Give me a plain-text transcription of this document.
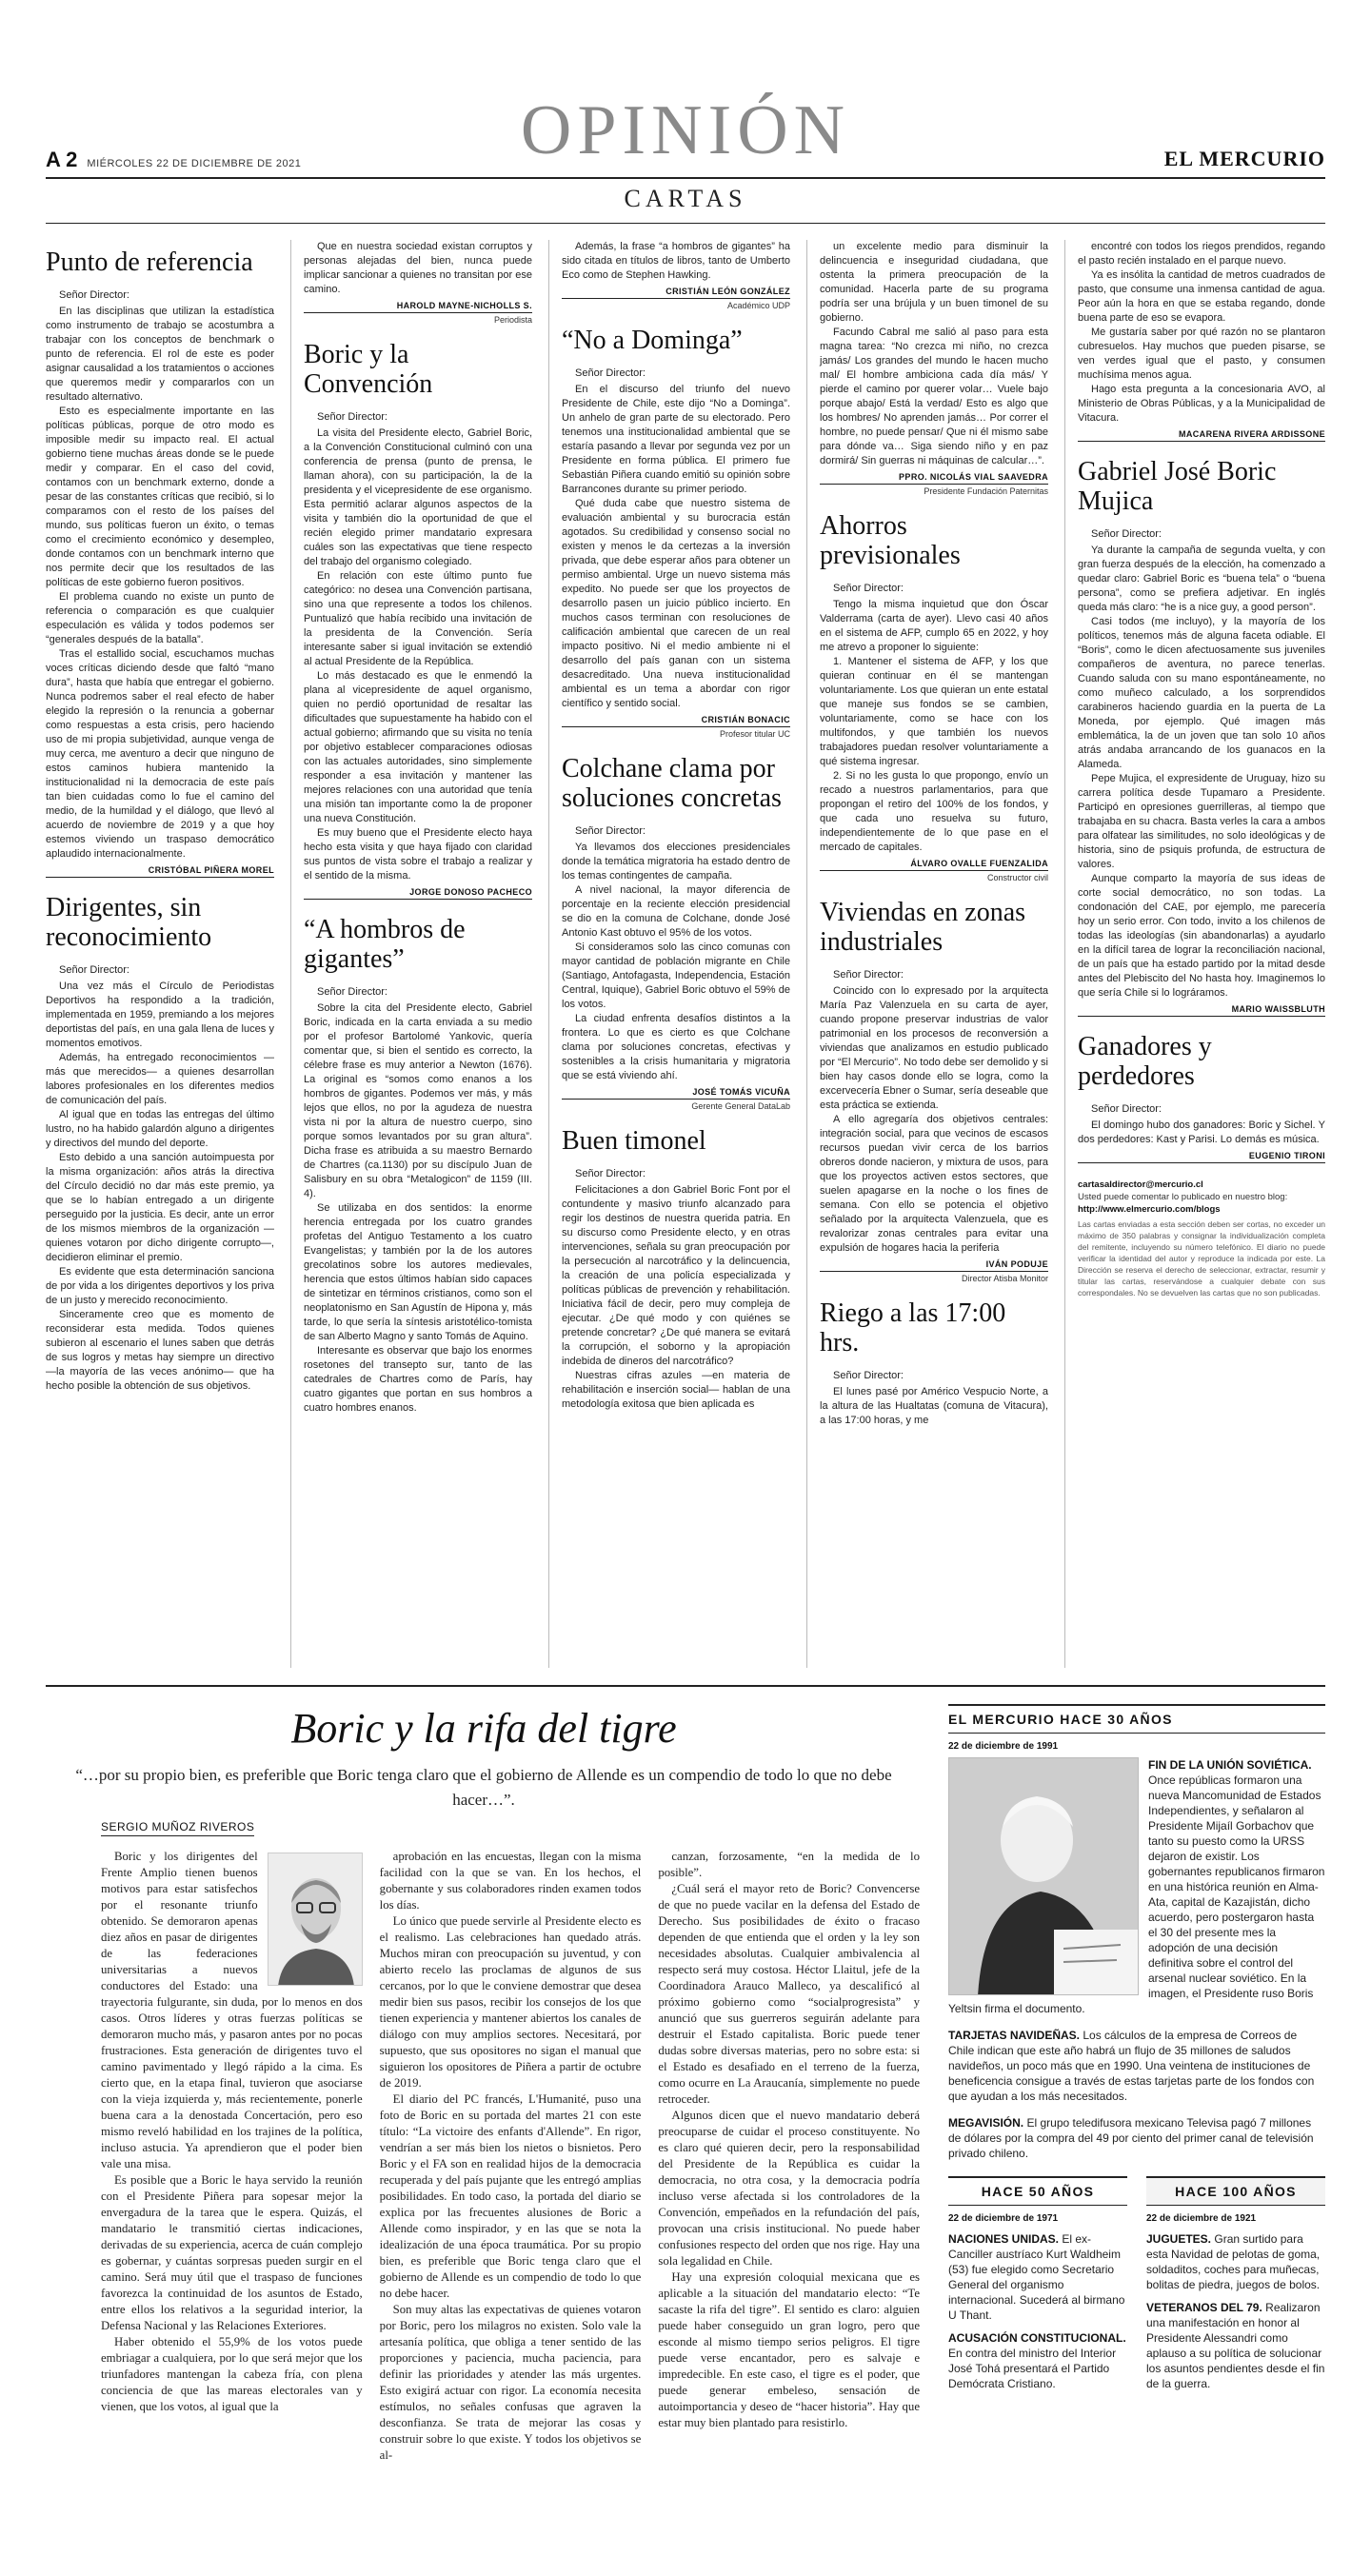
OPINIÓN
A 2 MIÉRCOLES 22 DE DICIEMBRE DE 2021	EL MERCURIO
CARTAS
Punto de referencia
Señor Director:

En las disciplinas que utilizan la estadística como instrumento de trabajo se acostumbra a trabajar con los conceptos de benchmark o punto de referencia. El rol de este es poder asignar causalidad a los tratamientos o acciones que queremos medir y compararlos con un resultado alternativo.

Esto es especialmente importante en las políticas públicas, porque de otro modo es imposible medir su impacto real. El actual gobierno tiene muchas áreas donde se le puede medir y comparar. En el caso del covid, contamos con un benchmark externo, donde a pesar de las constantes críticas que recibió, si lo comparamos con el resto de los países del mundo, sus políticas fueron un éxito, o temas como el crecimiento económico y desempleo, donde contamos con un benchmark interno que nos permite decir que los resultados de las políticas de este gobierno fueron positivos.

El problema cuando no existe un punto de referencia o comparación es que cualquier especulación es válida y todos podemos ser “generales después de la batalla”.

Tras el estallido social, escuchamos muchas voces críticas diciendo desde que faltó “mano dura”, hasta que había que entregar el gobierno. Nunca podremos saber el real efecto de haber elegido la represión o la renuncia a gobernar como respuestas a esta crisis, pero haciendo uso de mi propia subjetividad, aunque venga de muy cerca, me aventuro a decir que ninguno de estos caminos hubiera mantenido la institucionalidad ni la democracia de este país tan bien cuidadas como lo fue el camino del medio, de la humildad y el diálogo, que llevó al acuerdo de noviembre de 2019 y a que hoy estemos viviendo un traspaso democrático aplaudido internacionalmente.

CRISTÓBAL PIÑERA MOREL
Dirigentes, sin reconocimiento
Señor Director:

Una vez más el Círculo de Periodistas Deportivos ha respondido a la tradición, implementada en 1959, premiando a los mejores deportistas del país, en una gala llena de luces y momentos emotivos.

Además, ha entregado reconocimientos —más que merecidos— a quienes desarrollan labores profesionales en los diferentes medios de comunicación del país.

Al igual que en todas las entregas del último lustro, no ha habido galardón alguno a dirigentes y directivos del mundo del deporte.

Esto debido a una sanción autoimpuesta por la misma organización: años atrás la directiva del Círculo decidió no dar más este premio, ya que se lo habían entregado a un dirigente perseguido por la justicia. Es decir, ante un error de los mismos miembros de la organización —quienes votaron por dicho dirigente corrupto—, decidieron eliminar el premio.

Es evidente que esta determinación sanciona de por vida a los dirigentes deportivos y los priva de un justo y merecido reconocimiento.

Sinceramente creo que es momento de reconsiderar esta medida. Todos quienes subieron al escenario el lunes saben que detrás de sus logros y metas hay siempre un directivo —la mayoría de las veces anónimo— que ha hecho posible la obtención de sus objetivos.

Que en nuestra sociedad existan corruptos y personas alejadas del bien, nunca puede implicar sancionar a quienes no transitan por ese camino.

HAROLD MAYNE-NICHOLLS S.
Periodista
Boric y la Convención
Señor Director:

La visita del Presidente electo, Gabriel Boric, a la Convención Constitucional culminó con una conferencia de prensa (punto de prensa, le llaman ahora), con su participación, la de la presidenta y el vicepresidente de ese organismo. Esta permitió aclarar algunos aspectos de la visita y también dio la oportunidad de que el recién elegido primer mandatario expresara cuáles son las expectativas que tiene respecto del trabajo del organismo colegiado.

En relación con este último punto fue categórico: no desea una Convención partisana, sino una que represente a todos los chilenos. Puntualizó que había recibido una invitación de la presidenta de la Convención. Sería interesante saber si igual invitación se extendió al actual Presidente de la República.

Lo más destacado es que le enmendó la plana al vicepresidente de aquel organismo, quien no perdió oportunidad de resaltar las dificultades que supuestamente ha habido con el actual gobierno; afirmando que su visita no tenía por objetivo establecer comparaciones odiosas con las actuales autoridades, sino simplemente responder a esa invitación y mantener las mejores relaciones con una autoridad que tenía una misión tan importante como la de proponer una nueva Constitución.

Es muy bueno que el Presidente electo haya hecho esta visita y que haya fijado con claridad sus puntos de vista sobre el trabajo a realizar y el sentido de la misma.

JORGE DONOSO PACHECO
“A hombros de gigantes”
Señor Director:

Sobre la cita del Presidente electo, Gabriel Boric, indicada en la carta enviada a su medio por el profesor Bartolomé Yankovic, quería comentar que, si bien el sentido es correcto, la célebre frase es muy anterior a Newton (1676). La original es “somos como enanos a los hombros de gigantes. Podemos ver más, y más lejos que ellos, no por la agudeza de nuestra vista ni por la altura de nuestro cuerpo, sino porque somos levantados por su gran altura”. Dicha frase es atribuida a su maestro Bernardo de Chartres (ca.1130) por su discípulo Juan de Salisbury en su obra “Metalogicon” de 1159 (III. 4).

Se utilizaba en dos sentidos: la enorme herencia entregada por los cuatro grandes profetas del Antiguo Testamento a los cuatro Evangelistas; y también por la de los autores grecolatinos sobre los autores medievales, herencia que estos últimos habían sido capaces de sintetizar en términos cristianos, como son el neoplatonismo en San Agustín de Hipona y, más tarde, lo que sería la síntesis aristotélico-tomista de san Alberto Magno y santo Tomás de Aquino.

Interesante es observar que bajo los enormes rosetones del transepto sur, tanto de las catedrales de Chartres como de París, hay cuatro gigantes que portan en sus hombros a cuatro hombres enanos.

Además, la frase “a hombros de gigantes” ha sido citada en títulos de libros, tanto de Umberto Eco como de Stephen Hawking.

CRISTIÁN LEÓN GONZÁLEZ
Académico UDP
“No a Dominga”
Señor Director:

En el discurso del triunfo del nuevo Presidente de Chile, este dijo “No a Dominga”. Un anhelo de gran parte de su electorado. Pero tenemos una institucionalidad ambiental que se estaría pasando a llevar por segunda vez por un Presidente en forma pública. El primero fue Sebastián Piñera cuando emitió su opinión sobre Barrancones durante su primer periodo.

Qué duda cabe que nuestro sistema de evaluación ambiental y su burocracia están agotados. Su credibilidad y consenso social no existen y menos le da certezas a la inversión privada, que debe esperar años para obtener un permiso ambiental. Urge un nuevo sistema más expedito. No puede ser que los proyectos de desarrollo pasen un juicio público incierto. En muchos casos terminan con resoluciones de calificación ambiental que carecen de un real impacto positivo. Ni el medio ambiente ni el desarrollo del país ganan con un sistema desacreditado. Una nueva institucionalidad ambiental es un tema a abordar con rigor científico y sentido social.

CRISTIÁN BONACIC
Profesor titular UC
Colchane clama por soluciones concretas
Señor Director:

Ya llevamos dos elecciones presidenciales donde la temática migratoria ha estado dentro de los temas contingentes de campaña.

A nivel nacional, la mayor diferencia de porcentaje en la reciente elección presidencial se dio en la comuna de Colchane, donde José Antonio Kast obtuvo el 95% de los votos.

Si consideramos solo las cinco comunas con mayor cantidad de población migrante en Chile (Santiago, Antofagasta, Independencia, Estación Central, Iquique), Gabriel Boric obtuvo el 59% de los votos.

La ciudad enfrenta desafíos distintos a la frontera. Lo que es cierto es que Colchane clama por soluciones concretas, efectivas y sostenibles a la crisis humanitaria y migratoria que se está viviendo ahí.

JOSÉ TOMÁS VICUÑA
Gerente General DataLab
Buen timonel
Señor Director:

Felicitaciones a don Gabriel Boric Font por el contundente y masivo triunfo alcanzado para regir los destinos de nuestra querida patria. En su discurso como Presidente electo, y en otras intervenciones, señala su gran preocupación por la persecución al narcotráfico y la delincuencia, la creación de una policía especializada y políticas públicas de prevención y rehabilitación. Iniciativa fácil de decir, pero muy compleja de ejecutar. ¿De qué modo y con quiénes se pretende concretar? ¿De qué manera se evitará la corrupción, el soborno y la apropiación indebida de dineros del narcotráfico?

Nuestras cifras azules —en materia de rehabilitación e inserción social— hablan de una metodología exitosa que bien aplicada es

un excelente medio para disminuir la delincuencia e inseguridad ciudadana, que ostenta la primera preocupación de la comunidad. Hacerla parte de su programa podría ser una brújula y un buen timonel de su gobierno.

Facundo Cabral me salió al paso para esta magna tarea: “No crezca mi niño, no crezca jamás/ Los grandes del mundo le hacen mucho mal/ El hombre ambiciona cada día más/ Y pierde el camino por querer volar… Vuele bajo porque abajo/ Está la verdad/ Esto es algo que los hombres/ No aprenden jamás… Por correr el hombre, no puede pensar/ Que ni él mismo sabe para dónde va… Siga siendo niño y en paz dormirá/ Sin guerras ni máquinas de calcular…”.

PPRO. NICOLÁS VIAL SAAVEDRA
Presidente Fundación Paternitas
Ahorros previsionales
Señor Director:

Tengo la misma inquietud que don Óscar Valderrama (carta de ayer). Llevo casi 40 años en el sistema de AFP, cumplo 65 en 2022, y hoy me atrevo a proponer lo siguiente:

1. Mantener el sistema de AFP, y los que quieran continuar en él se mantengan voluntariamente. Los que quieran un ente estatal que maneje sus fondos se se cambien, voluntariamente, como se hace con los multifondos, y que también los nuevos trabajadores puedan resolver voluntariamente a qué sistema ingresar.

2. Si no les gusta lo que propongo, envío un recado a nuestros parlamentarios, para que propongan el retiro del 100% de los fondos, y que cada uno resuelva su futuro, independientemente de lo que pase en el mercado de capitales.

ÁLVARO OVALLE FUENZALIDA
Constructor civil
Viviendas en zonas industriales
Señor Director:

Coincido con lo expresado por la arquitecta María Paz Valenzuela en su carta de ayer, cuando propone preservar industrias de valor patrimonial en los procesos de reconversión a viviendas que analizamos en estudio publicado por “El Mercurio”. No todo debe ser demolido y si bien hay casos donde ello se logra, como la excervecería Ebner o Sumar, sería deseable que esta práctica se extienda.

A ello agregaría dos objetivos centrales: integración social, para que vecinos de escasos recursos puedan vivir cerca de los barrios obreros donde nacieron, y mixtura de usos, para que los proyectos activen estos sectores, que suelen apagarse en la noche o los fines de semana. Con ello se potencia el objetivo señalado por la arquitecta Valenzuela, que es revalorizar zonas centrales para evitar una expulsión de hogares hacia la periferia

IVÁN PODUJE
Director Atisba Monitor
Riego a las 17:00 hrs.
Señor Director:

El lunes pasé por Américo Vespucio Norte, a la altura de las Hualtatas (comuna de Vitacura), a las 17:00 horas, y me

encontré con todos los riegos prendidos, regando el pasto recién instalado en el parque nuevo.

Ya es insólita la cantidad de metros cuadrados de pasto, que consume una inmensa cantidad de agua. Peor aún la hora en que se estaba regando, donde buena parte de eso se evapora.

Me gustaría saber por qué razón no se plantaron cubresuelos. Hay muchos que pueden pisarse, se ven verdes igual que el pasto, y consumen muchísima menos agua.

Hago esta pregunta a la concesionaria AVO, al Ministerio de Obras Públicas, y a la Municipalidad de Vitacura.

MACARENA RIVERA ARDISSONE
Gabriel José Boric Mujica
Señor Director:

Ya durante la campaña de segunda vuelta, y con gran fuerza después de la elección, ha comenzado a quedar claro: Gabriel Boric es “buena tela” o “buena persona”, como se prefiera adjetivar. En inglés queda más claro: “he is a nice guy, a good person”.

Casi todos (me incluyo), y la mayoría de los políticos, tenemos más de alguna faceta odiable. El “Boris”, como le dicen afectuosamente sus juveniles compañeros de aventura, no parece tenerlas. Cuando saluda con su mano espontáneamente, no como muñeco calculado, a los sorprendidos carabineros haciendo guardia en la puerta de La Moneda, por ejemplo. Qué imagen más emblemática, la de un joven que tan solo 10 años atrás andaba arrancando de los guanacos en la Alameda.

Pepe Mujica, el expresidente de Uruguay, hizo su carrera política desde Tupamaro a Presidente. Participó en opresiones guerrilleras, al tiempo que trabajaba en su chacra. Basta verles la cara a ambos para olfatear las similitudes, no solo ideológicas y de historia, sino de psiquis profunda, de estructura de valores.

Aunque comparto la mayoría de sus ideas de corte social democrático, no son todas. La condonación del CAE, por ejemplo, me parecería hoy un serio error. Con todo, invito a los chilenos de todas las ideologías (sin abandonarlas) a ayudarlo en la difícil tarea de lograr la reconciliación nacional, de un país que ha estado partido por la mitad desde antes del Plebiscito del No hasta hoy. Imaginemos lo que sería Chile si lo lográramos.

MARIO WAISSBLUTH
Ganadores y perdedores
Señor Director:

El domingo hubo dos ganadores: Boric y Sichel. Y dos perdedores: Kast y Parisi. Lo demás es música.

EUGENIO TIRONI
cartasaldirector@mercurio.cl
Usted puede comentar lo publicado en nuestro blog:
http://www.elmercurio.com/blogs
Las cartas enviadas a esta sección deben ser cortas, no exceder un máximo de 350 palabras y consignar la individualización completa del remitente, incluyendo su número telefónico. El diario no puede verificar la identidad del autor y reproduce la indicada por este. La Dirección se reserva el derecho de seleccionar, extractar, resumir y titular las cartas, reservándose a cualquier debate con sus correspondales. No se devuelven las cartas que no son publicadas.
Boric y la rifa del tigre
“…por su propio bien, es preferible que Boric tenga claro que el gobierno de Allende es un compendio de todo lo que no debe hacer…”.
SERGIO MUÑOZ RIVEROS

Boric y los dirigentes del Frente Amplio tienen buenos motivos para estar satisfechos por el resonante triunfo obtenido. Se demoraron apenas diez años en pasar de dirigentes de las federaciones universitarias a nuevos conductores del Estado: una trayectoria fulgurante, sin duda, por lo menos en dos casos. Otros líderes y otras fuerzas políticas se demoraron mucho más, y pasaron antes por no pocas frustraciones. Esta generación de dirigentes tuvo el camino pavimentado y llegó rápido a la cima. Es cierto que, en la etapa final, tuvieron que asociarse con la vieja izquierda y, más recientemente, ponerle buena cara a la denostada Concertación, pero eso mismo reveló habilidad en los trajines de la política, incluso astucia. Ya aprendieron que el poder bien vale una misa.

Es posible que a Boric le haya servido la reunión con el Presidente Piñera para sopesar mejor la envergadura de la tarea que le espera. Quizás, el mandatario le transmitió ciertas indicaciones, derivadas de su experiencia, acerca de cuán complejo es gobernar, y cuántas sorpresas pueden surgir en el camino. Será muy útil que el traspaso de funciones favorezca la continuidad de los asuntos de Estado, entre ellos los relativos a la seguridad interior, la Defensa Nacional y las Relaciones Exteriores.

Haber obtenido el 55,9% de los votos puede embriagar a cualquiera, por lo que será mejor que los triunfadores mantengan la cabeza fría, con plena conciencia de que las mareas electorales van y vienen, que los votos, al igual que la

aprobación en las encuestas, llegan con la misma facilidad con la que se van. En los hechos, el gobernante y sus colaboradores rinden examen todos los días.

Lo único que puede servirle al Presidente electo es el realismo. Las celebraciones han quedado atrás. Muchos miran con preocupación su juventud, y con abierto recelo las proclamas de algunos de sus cercanos, por lo que le conviene demostrar que desea medir bien sus pasos, recibir los consejos de los que tienen experiencia y mantener abiertos los canales de diálogo con muy amplios sectores. Necesitará, por supuesto, que sus opositores no sigan el manual que siguieron los opositores de Piñera a partir de octubre de 2019.

El diario del PC francés, L'Humanité, puso una foto de Boric en su portada del martes 21 con este título: “La victoire des enfants d'Allende”. En rigor, vendrían a ser más bien los nietos o bisnietos. Pero Boric y el FA son en realidad hijos de la democracia recuperada y del país pujante que les entregó amplias posibilidades. En todo caso, la portada del diario se explica por las frecuentes alusiones de Boric a Allende como inspirador, y en las que se nota la idealización de una época traumática. Por su propio bien, es preferible que Boric tenga claro que el gobierno de Allende es un compendio de todo lo que no debe hacer.

Son muy altas las expectativas de quienes votaron por Boric, pero los milagros no existen. Solo vale la artesanía política, que obliga a tener sentido de las proporciones y paciencia, mucha paciencia, para definir las prioridades y atender las más urgentes. Esto exigirá actuar con rigor. La economía necesita estímulos, no señales confusas que agraven la desconfianza. Se trata de mejorar las cosas y construir sobre lo que existe. Y todos los objetivos se al-

canzan, forzosamente, “en la medida de lo posible”.

¿Cuál será el mayor reto de Boric? Convencerse de que no puede vacilar en la defensa del Estado de Derecho. Sus posibilidades de éxito o fracaso dependen de que entienda que el orden y la ley son necesidades absolutas. Cualquier ambivalencia al respecto será muy costosa. Héctor Llaitul, jefe de la Coordinadora Arauco Malleco, ya descalificó al próximo gobierno como “socialprogresista” y anunció que sus guerreros seguirán adelante para destruir el Estado capitalista. Boric puede tener dudas sobre diversas materias, pero no sobre esta: si el Estado es desafiado en el terreno de la fuerza, como ocurre en La Araucanía, simplemente no puede retroceder.

Algunos dicen que el nuevo mandatario deberá preocuparse de cuidar el proceso constituyente. No es claro qué quieren decir, pero la responsabilidad del Presidente de la República es cuidar la democracia, no otra cosa, y la democracia podría incluso verse afectada si los controladores de la Convención, empeñados en la refundación del país, provocan una crisis institucional. No puede haber confusiones respecto del orden que nos rige. Hay una sola legalidad en Chile.

Hay una expresión coloquial mexicana que es aplicable a la situación del mandatario electo: “Te sacaste la rifa del tigre”. El sentido es claro: alguien puede haber conseguido un gran logro, pero que esconde al mismo tiempo serios peligros. El tigre puede verse encantador, pero es salvaje e impredecible. En este caso, el tigre es el poder, que puede generar embeleso, sensación de autoimportancia y deseo de “hacer historia”. Hay que estar muy bien plantado para resistirlo.

EL MERCURIO HACE 30 AÑOS
22 de diciembre de 1991
FIN DE LA UNIÓN SOVIÉTICA. Once repúblicas formaron una nueva Mancomunidad de Estados Independientes, y señalaron al Presidente Mijaíl Gorbachov que tanto su puesto como la URSS dejaron de existir. Los gobernantes republicanos firmaron en una histórica reunión en Alma-Ata, capital de Kazajistán, dicho acuerdo, pero postergaron hasta el 30 del presente mes la adopción de una decisión definitiva sobre el control del arsenal nuclear soviético. En la imagen, el Presidente ruso Boris Yeltsin firma el documento.
TARJETAS NAVIDEÑAS. Los cálculos de la empresa de Correos de Chile indican que este año habrá un flujo de 35 millones de saludos navideños, un poco más que en 1990. Una veintena de instituciones de beneficencia consigue a través de estas tarjetas parte de los fondos con que ayudan a los más necesitados.
MEGAVISIÓN. El grupo teledifusora mexicano Televisa pagó 7 millones de dólares por la compra del 49 por ciento del primer canal de televisión privado chileno.
HACE 50 AÑOS
22 de diciembre de 1971
NACIONES UNIDAS. El ex-Canciller austríaco Kurt Waldheim (53) fue elegido como Secretario General del organismo internacional. Sucederá al birmano U Thant.
ACUSACIÓN CONSTITUCIONAL. En contra del ministro del Interior José Tohá presentará el Partido Demócrata Cristiano.
HACE 100 AÑOS
22 de diciembre de 1921
JUGUETES. Gran surtido para esta Navidad de pelotas de goma, soldaditos, coches para muñecas, bolitas de piedra, juegos de bolos.
VETERANOS DEL 79. Realizaron una manifestación en honor al Presidente Alessandri como aplauso a su política de solucionar los asuntos pendientes desde el fin de la guerra.
